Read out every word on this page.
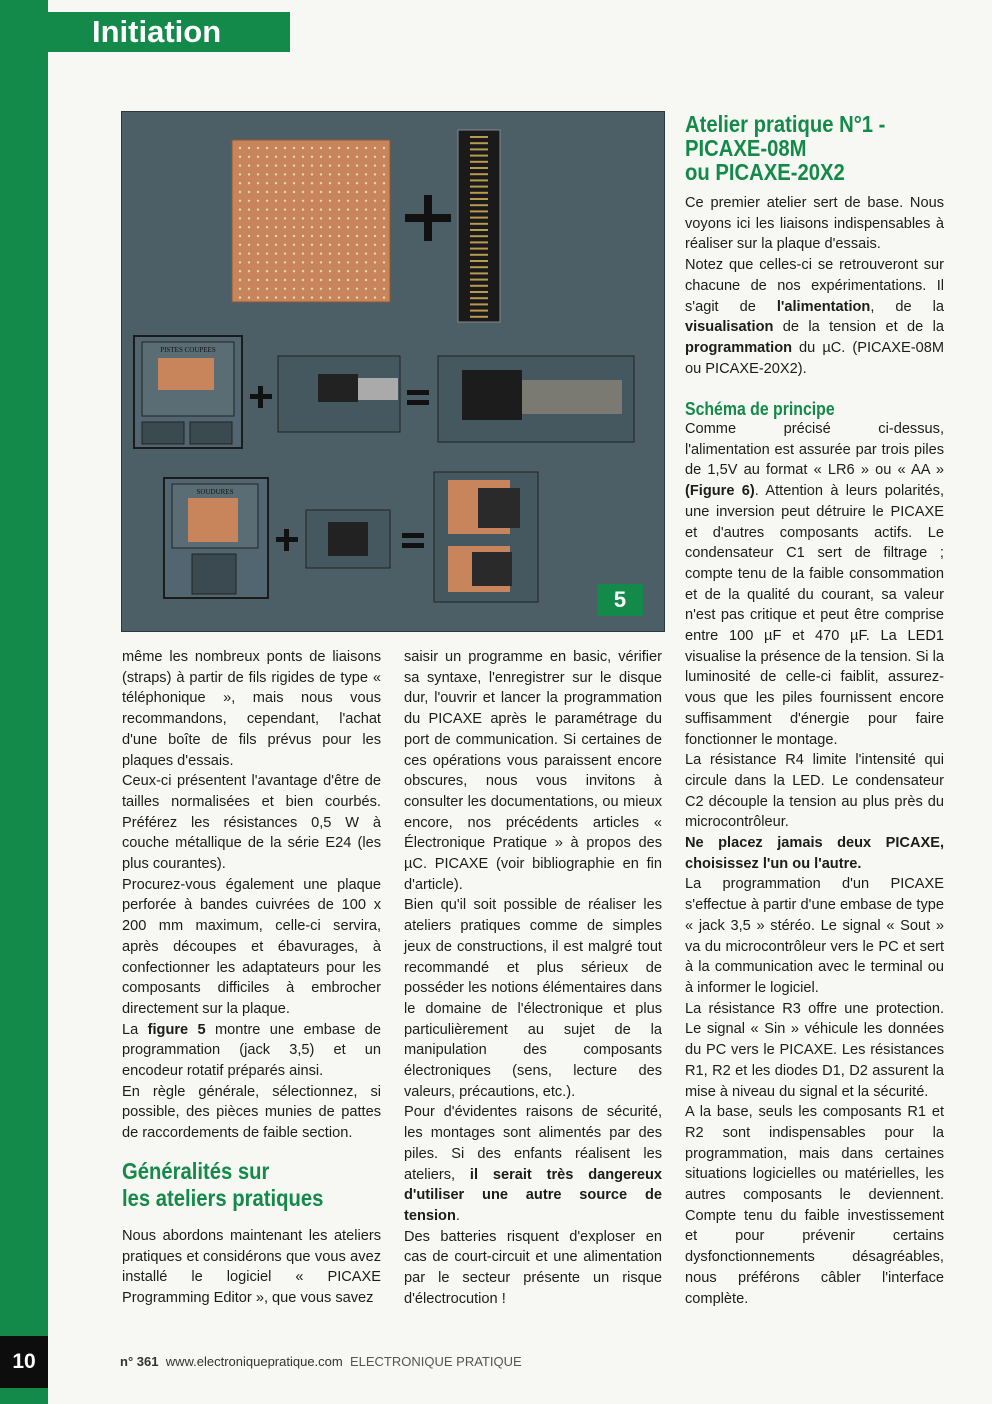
Initiation
10
PISTES COUPEES
SOUDURES
5
Atelier pratique N°1 -
PICAXE-08M
ou PICAXE-20X2

même les nombreux ponts de liaisons (straps) à partir de fils rigides de type « téléphonique », mais nous vous recommandons, cependant, l'achat d'une boîte de fils prévus pour les plaques d'essais.

Ceux-ci présentent l'avantage d'être de tailles normalisées et bien courbés. Préférez les résistances 0,5 W à couche métallique de la série E24 (les plus courantes).

Procurez-vous également une plaque perforée à bandes cuivrées de 100 x 200 mm maximum, celle-ci servira, après découpes et ébavurages, à confectionner les adaptateurs pour les composants difficiles à embrocher directement sur la plaque.

La figure 5 montre une embase de programmation (jack 3,5) et un encodeur rotatif préparés ainsi.

En règle générale, sélectionnez, si possible, des pièces munies de pattes de raccordements de faible section.

Généralités sur
les ateliers pratiques
Nous abordons maintenant les ateliers pratiques et considérons que vous avez installé le logiciel « PICAXE Programming Editor », que vous savez

saisir un programme en basic, vérifier sa syntaxe, l'enregistrer sur le disque dur, l'ouvrir et lancer la programmation du PICAXE après le paramétrage du port de communication. Si certaines de ces opérations vous paraissent encore obscures, nous vous invitons à consulter les documentations, ou mieux encore, nos précédents articles « Électronique Pratique » à propos des µC. PICAXE (voir bibliographie en fin d'article).

Bien qu'il soit possible de réaliser les ateliers pratiques comme de simples jeux de constructions, il est malgré tout recommandé et plus sérieux de posséder les notions élémentaires dans le domaine de l'électronique et plus particulièrement au sujet de la manipulation des composants électroniques (sens, lecture des valeurs, précautions, etc.).

Pour d'évidentes raisons de sécurité, les montages sont alimentés par des piles. Si des enfants réalisent les ateliers, il serait très dangereux d'utiliser une autre source de tension.

Des batteries risquent d'exploser en cas de court-circuit et une alimentation par le secteur présente un risque d'électrocution !

Ce premier atelier sert de base. Nous voyons ici les liaisons indispensables à réaliser sur la plaque d'essais.

Notez que celles-ci se retrouveront sur chacune de nos expérimentations. Il s'agit de l'alimentation, de la visualisation de la tension et de la programmation du µC. (PICAXE-08M ou PICAXE-20X2).

Schéma de principe

Comme précisé ci-dessus, l'alimentation est assurée par trois piles de 1,5V au format « LR6 » ou « AA » (Figure 6). Attention à leurs polarités, une inversion peut détruire le PICAXE et d'autres composants actifs. Le condensateur C1 sert de filtrage ; compte tenu de la faible consommation et de la qualité du courant, sa valeur n'est pas critique et peut être comprise entre 100 µF et 470 µF. La LED1 visualise la présence de la tension. Si la luminosité de celle-ci faiblit, assurez-vous que les piles fournissent encore suffisamment d'énergie pour faire fonctionner le montage.

La résistance R4 limite l'intensité qui circule dans la LED. Le condensateur C2 découple la tension au plus près du microcontrôleur.

Ne placez jamais deux PICAXE, choisissez l'un ou l'autre.

La programmation d'un PICAXE s'effectue à partir d'une embase de type « jack 3,5 » stéréo. Le signal « Sout » va du microcontrôleur vers le PC et sert à la communication avec le terminal ou à informer le logiciel.

La résistance R3 offre une protection. Le signal « Sin » véhicule les données du PC vers le PICAXE. Les résistances R1, R2 et les diodes D1, D2 assurent la mise à niveau du signal et la sécurité.

A la base, seuls les composants R1 et R2 sont indispensables pour la programmation, mais dans certaines situations logicielles ou matérielles, les autres composants le deviennent. Compte tenu du faible investissement et pour prévenir certains dysfonctionnements désagréables, nous préférons câbler l'interface complète.

n° 361 www.electroniquepratique.com ELECTRONIQUE PRATIQUE
